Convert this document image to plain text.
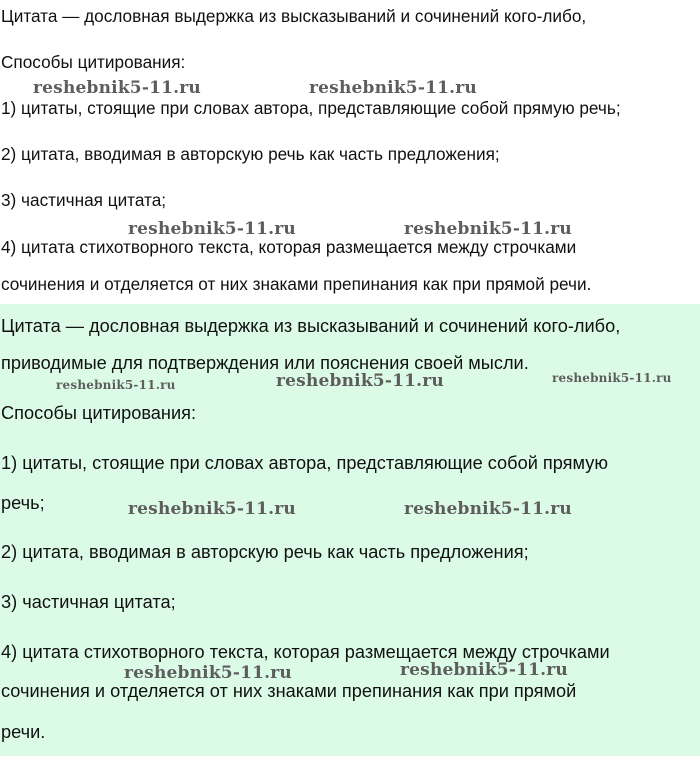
Цитата — дословная выдержка из высказываний и сочинений кого-либо,
Способы цитирования:
1) цитаты, стоящие при словах автора, представляющие собой прямую речь;
2) цитата, вводимая в авторскую речь как часть предложения;
3) частичная цитата;
4) цитата стихотворного текста, которая размещается между строчками
сочинения и отделяется от них знаками препинания как при прямой речи.
Цитата — дословная выдержка из высказываний и сочинений кого-либо,
приводимые для подтверждения или пояснения своей мысли.
Способы цитирования:
1) цитаты, стоящие при словах автора, представляющие собой прямую
речь;
2) цитата, вводимая в авторскую речь как часть предложения;
3) частичная цитата;
4) цитата стихотворного текста, которая размещается между строчками
сочинения и отделяется от них знаками препинания как при прямой
речи.
reshebnik5-11.ru	reshebnik5-11.ru
reshebnik5-11.ru	reshebnik5-11.ru
reshebnik5-11.ru	reshebnik5-11.ru	reshebnik5-11.ru
reshebnik5-11.ru	reshebnik5-11.ru
reshebnik5-11.ru	reshebnik5-11.ru
